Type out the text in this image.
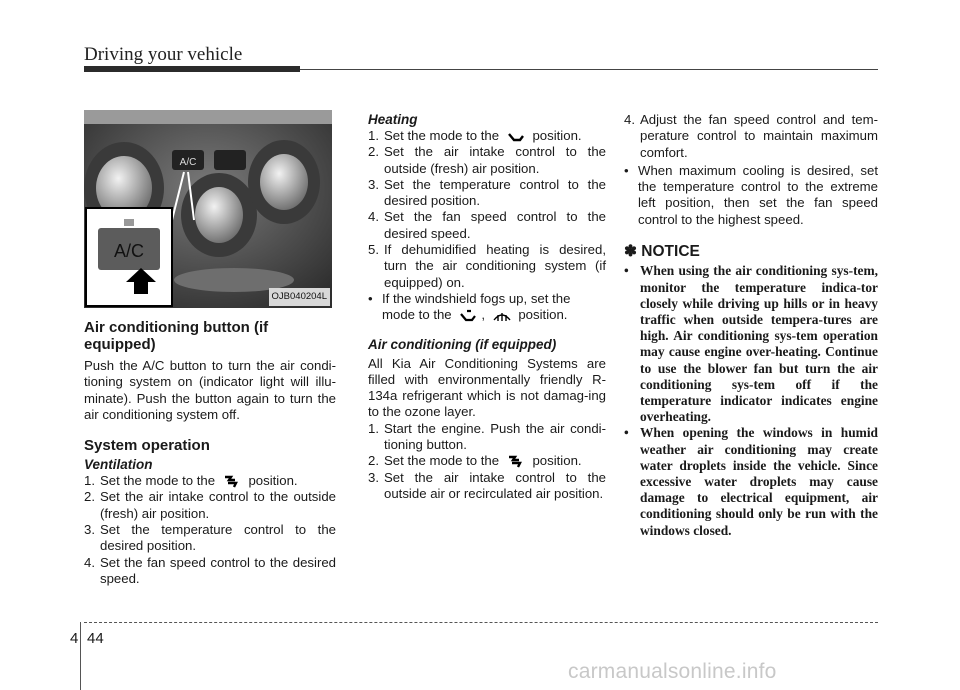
Driving your vehicle
A/C
A/C
OJB040204L
Air conditioning button (if equipped)

Push the A/C button to turn the air condi-tioning system on (indicator light will illu-minate). Push the button again to turn the air conditioning system off.

System operation
Ventilation
1. Set the mode to the	position.
2. Set the air intake control to the outside (fresh) air position.
3. Set the temperature control to the desired position.
4. Set the fan speed control to the desired speed.
Heating
1. Set the mode to the	position.
2. Set the air intake control to the outside (fresh) air position.
3. Set the temperature control to the desired position.
4. Set the fan speed control to the desired speed.
5. If dehumidified heating is desired, turn the air conditioning system (if equipped) on.
• If the windshield fogs up, set the mode to the ,	position.
Air conditioning (if equipped)

All Kia Air Conditioning Systems are filled with environmentally friendly R-134a refrigerant which is not damag-ing to the ozone layer.

1. Start the engine. Push the air condi-tioning button.
2. Set the mode to the	position.
3. Set the air intake control to the outside air or recirculated air position.
4. Adjust the fan speed control and tem-perature control to maintain maximum comfort.
• When maximum cooling is desired, set the temperature control to the extreme left position, then set the fan speed control to the highest speed.
✽ NOTICE
• When using the air conditioning sys-tem, monitor the temperature indica-tor closely while driving up hills or in heavy traffic when outside tempera-tures are high. Air conditioning sys-tem operation may cause engine over-heating. Continue to use the blower fan but turn the air conditioning sys-tem off if the temperature indicator indicates engine overheating.
• When opening the windows in humid weather air conditioning may create water droplets inside the vehicle. Since excessive water droplets may cause damage to electrical equipment, air conditioning should only be run with the windows closed.
4 44
carmanualsonline.info
